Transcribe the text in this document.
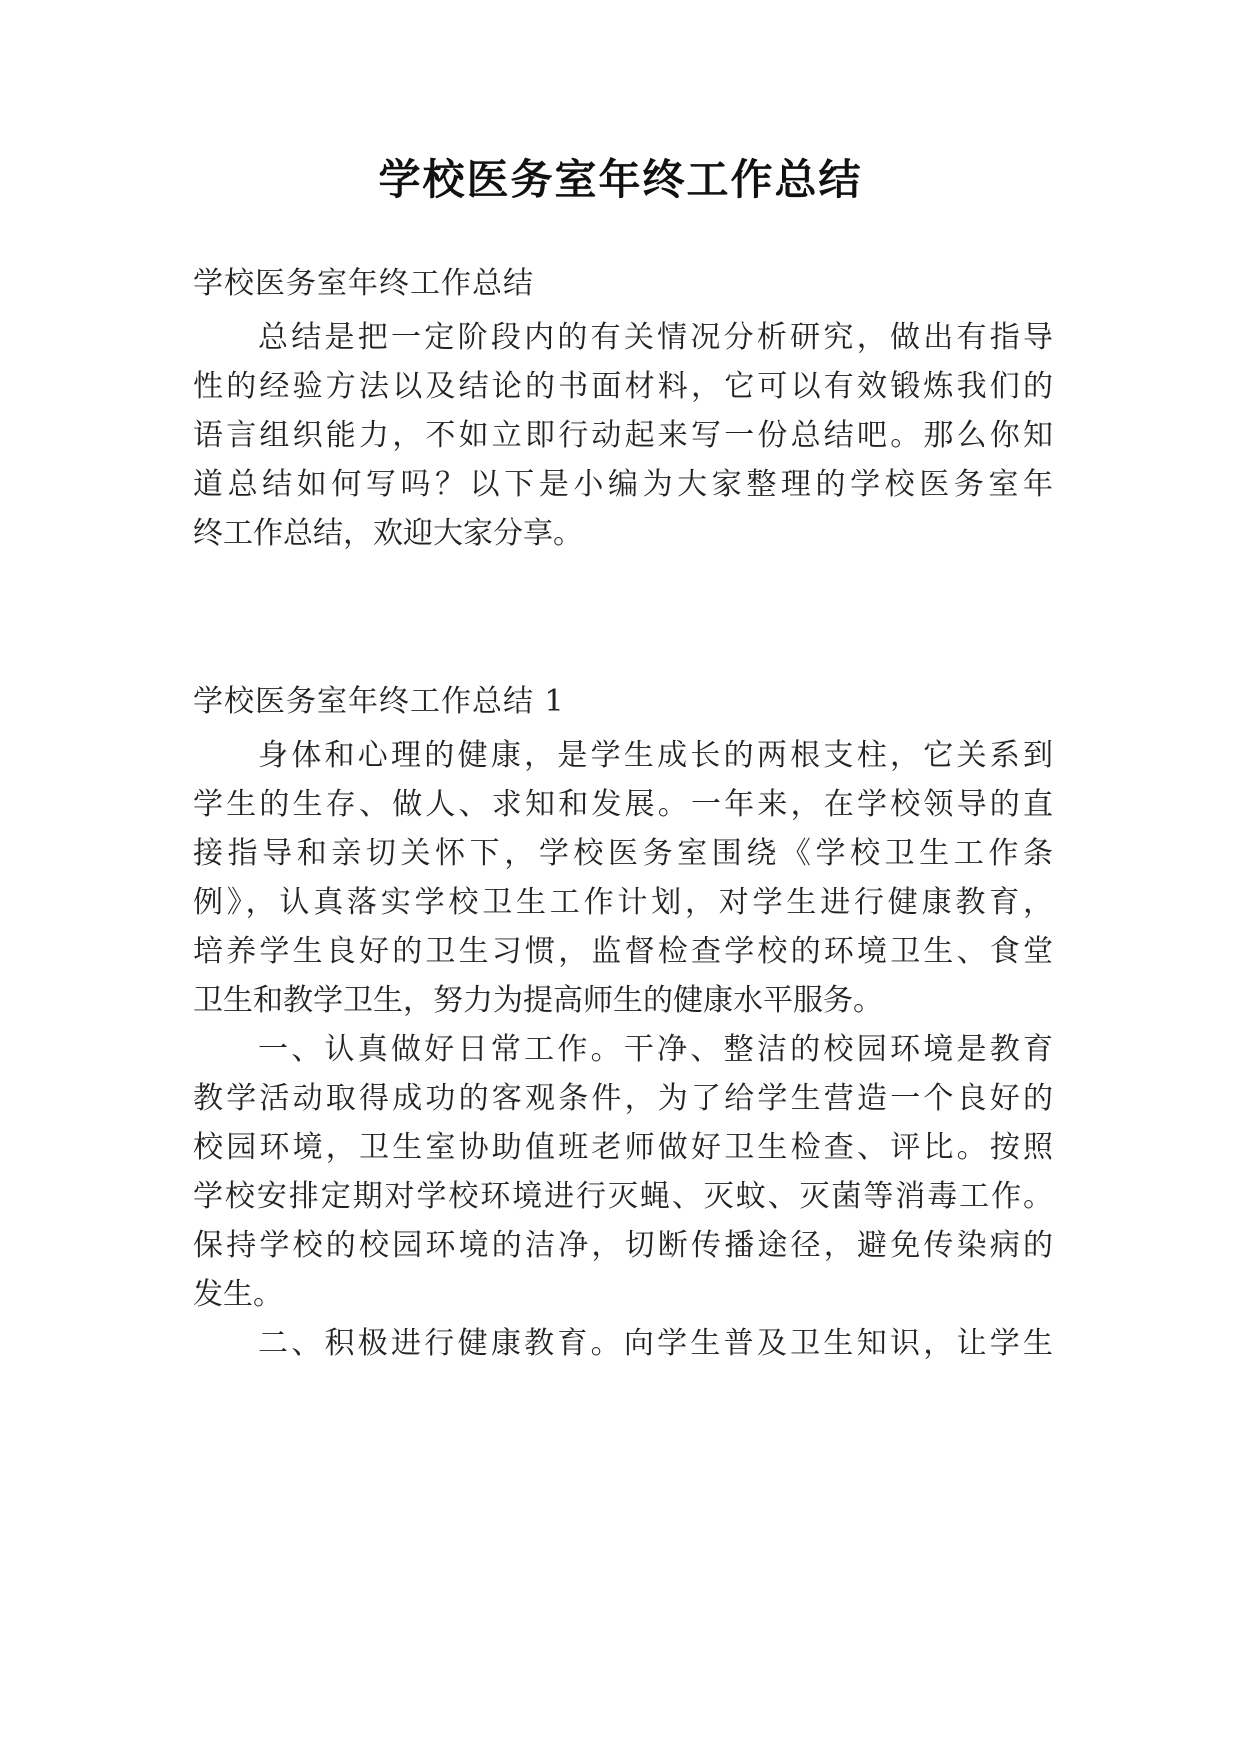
学校医务室年终工作总结

学校医务室年终工作总结

总结是把一定阶段内的有关情况分析研究，做出有指导

性的经验方法以及结论的书面材料，它可以有效锻炼我们的

语言组织能力，不如立即行动起来写一份总结吧。那么你知

道总结如何写吗？以下是小编为大家整理的学校医务室年

终工作总结，欢迎大家分享。

学校医务室年终工作总结 1

身体和心理的健康，是学生成长的两根支柱，它关系到

学生的生存、做人、求知和发展。一年来，在学校领导的直

接指导和亲切关怀下，学校医务室围绕《学校卫生工作条

例》，认真落实学校卫生工作计划，对学生进行健康教育，

培养学生良好的卫生习惯，监督检查学校的环境卫生、食堂

卫生和教学卫生，努力为提高师生的健康水平服务。

一、认真做好日常工作。干净、整洁的校园环境是教育

教学活动取得成功的客观条件，为了给学生营造一个良好的

校园环境，卫生室协助值班老师做好卫生检查、评比。按照

学校安排定期对学校环境进行灭蝇、灭蚊、灭菌等消毒工作。

保持学校的校园环境的洁净，切断传播途径，避免传染病的

发生。

二、积极进行健康教育。向学生普及卫生知识，让学生
